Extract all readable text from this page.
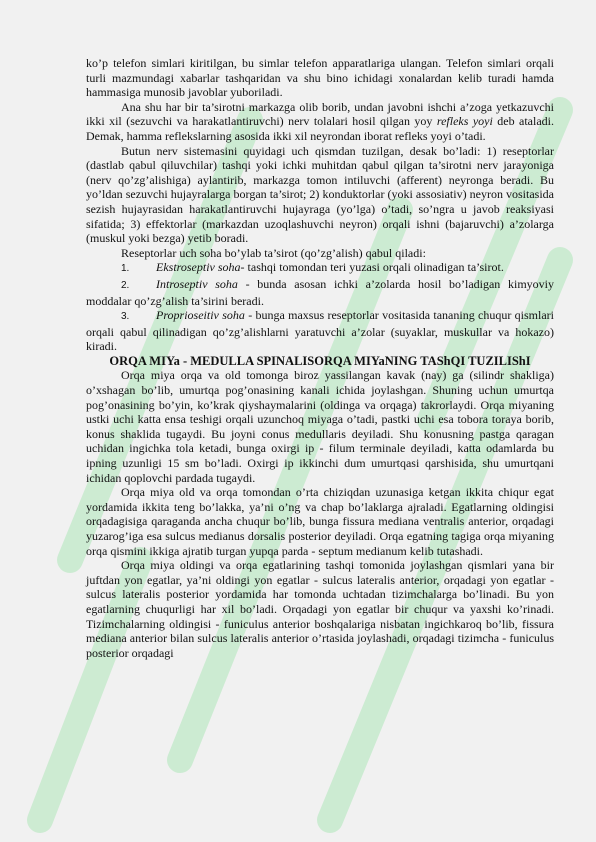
ko’p telefon simlari kiritilgan, bu simlar telefon apparatlariga ulangan. Telefon simlari orqali turli mazmundagi xabarlar tashqaridan va shu bino ichidagi xonalardan kelib turadi hamda hammasiga munosib javoblar yuboriladi.

Ana shu har bir ta’sirotni markazga olib borib, undan javobni ishchi a’zoga yetkazuvchi ikki xil (sezuvchi va harakatlantiruvchi) nerv tolalari hosil qilgan yoy refleks yoyi deb ataladi. Demak, hamma reflekslarning asosida ikki xil neyrondan iborat refleks yoyi o’tadi.

Butun nerv sistemasini quyidagi uch qismdan tuzilgan, desak bo’ladi: 1) reseptorlar (dastlab qabul qiluvchilar) tashqi yoki ichki muhitdan qabul qilgan ta’sirotni nerv jarayoniga (nerv qo’zg’alishiga) aylantirib, markazga tomon intiluvchi (afferent) neyronga beradi. Bu yo’ldan sezuvchi hujayralarga borgan ta’sirot; 2) konduktorlar (yoki assosiativ) neyron vositasida sezish hujayrasidan harakatlantiruvchi hujayraga (yo’lga) o’tadi, so’ngra u javob reaksiyasi sifatida; 3) effektorlar (markazdan uzoqlashuvchi neyron) orqali ishni (bajaruvchi) a’zolarga (muskul yoki bezga) yetib boradi.

Reseptorlar uch soha bo’ylab ta’sirot (qo’zg’alish) qabul qiladi:

1. Ekstroseptiv soha- tashqi tomondan teri yuzasi orqali olinadigan ta’sirot.

2. Introseptiv soha - bunda asosan ichki a’zolarda hosil bo’ladigan kimyoviy moddalar qo’zg’alish ta’sirini beradi.

3. Proprioseitiv soha - bunga maxsus reseptorlar vositasida tananing chuqur qismlari orqali qabul qilinadigan qo’zg’alishlarni yaratuvchi a’zolar (suyaklar, muskullar va hokazo) kiradi.

ORQA MIYa - MEDULLA SPINALISORQA MIYaNING TAShQI TUZILIShI

Orqa miya orqa va old tomonga biroz yassilangan kavak (nay) ga (silindr shakliga) o’xshagan bo’lib, umurtqa pog’onasining kanali ichida joylashgan. Shuning uchun umurtqa pog’onasining bo’yin, ko’krak qiyshaymalarini (oldinga va orqaga) takrorlaydi. Orqa miyaning ustki uchi katta ensa teshigi orqali uzunchoq miyaga o’tadi, pastki uchi esa tobora toraya borib, konus shaklida tugaydi. Bu joyni conus medullaris deyiladi. Shu konusning pastga qaragan uchidan ingichka tola ketadi, bunga oxirgi ip - filum terminale deyiladi, katta odamlarda bu ipning uzunligi 15 sm bo’ladi. Oxirgi ip ikkinchi dum umurtqasi qarshisida, shu umurtqani ichidan qoplovchi pardada tugaydi.

Orqa miya old va orqa tomondan o’rta chiziqdan uzunasiga ketgan ikkita chiqur egat yordamida ikkita teng bo’lakka, ya’ni o’ng va chap bo’laklarga ajraladi. Egatlarning oldingisi orqadagisiga qaraganda ancha chuqur bo’lib, bunga fissura mediana ventralis anterior, orqadagi yuzarog’iga esa sulcus medianus dorsalis posterior deyiladi. Orqa egatning tagiga orqa miyaning orqa qismini ikkiga ajratib turgan yupqa parda - septum medianum kelib tutashadi.

Orqa miya oldingi va orqa egatlarining tashqi tomonida joylashgan qismlari yana bir juftdan yon egatlar, ya’ni oldingi yon egatlar - sulcus lateralis anterior, orqadagi yon egatlar - sulcus lateralis posterior yordamida har tomonda uchtadan tizimchalarga bo’linadi. Bu yon egatlarning chuqurligi har xil bo’ladi. Orqadagi yon egatlar bir chuqur va yaxshi ko’rinadi. Tizimchalarning oldingisi - funiculus anterior boshqalariga nisbatan ingichkaroq bo’lib, fissura mediana anterior bilan sulcus lateralis anterior o’rtasida joylashadi, orqadagi tizimcha - funiculus posterior orqadagi
